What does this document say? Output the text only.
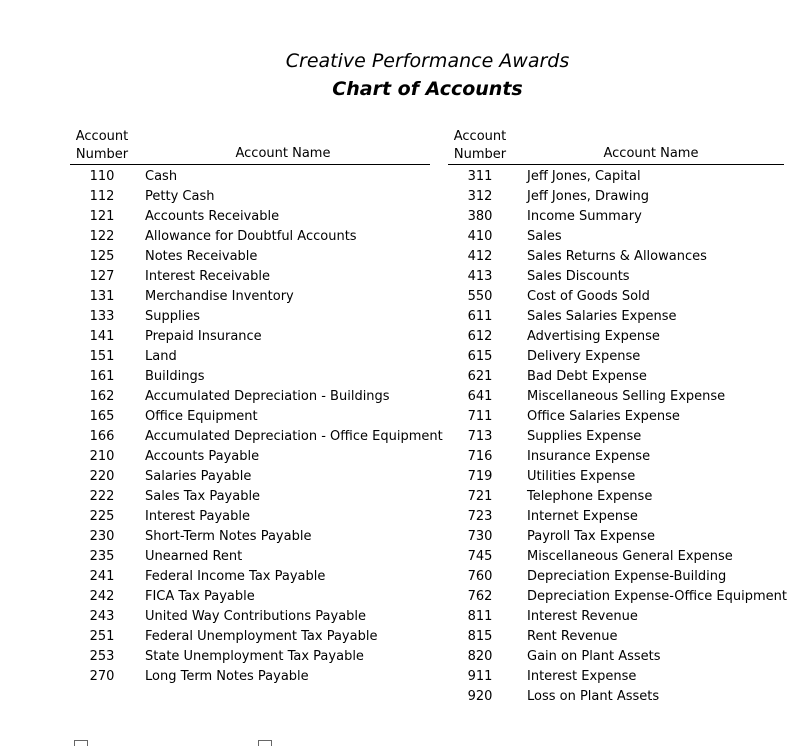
Creative Performance Awards
Chart of Accounts
Account
Number	Account Name
110	Cash
112	Petty Cash
121	Accounts Receivable
122	Allowance for Doubtful Accounts
125	Notes Receivable
127	Interest Receivable
131	Merchandise Inventory
133	Supplies
141	Prepaid Insurance
151	Land
161	Buildings
162	Accumulated Depreciation - Buildings
165	Office Equipment
166	Accumulated Depreciation - Office Equipment
210	Accounts Payable
220	Salaries Payable
222	Sales Tax Payable
225	Interest Payable
230	Short-Term Notes Payable
235	Unearned Rent
241	Federal Income Tax Payable
242	FICA Tax Payable
243	United Way Contributions Payable
251	Federal Unemployment Tax Payable
253	State Unemployment Tax Payable
270	Long Term Notes Payable
Account
Number	Account Name
311	Jeff Jones, Capital
312	Jeff Jones, Drawing
380	Income Summary
410	Sales
412	Sales Returns & Allowances
413	Sales Discounts
550	Cost of Goods Sold
611	Sales Salaries Expense
612	Advertising Expense
615	Delivery Expense
621	Bad Debt Expense
641	Miscellaneous Selling Expense
711	Office Salaries Expense
713	Supplies Expense
716	Insurance Expense
719	Utilities Expense
721	Telephone Expense
723	Internet Expense
730	Payroll Tax Expense
745	Miscellaneous General Expense
760	Depreciation Expense-Building
762	Depreciation Expense-Office Equipment
811	Interest Revenue
815	Rent Revenue
820	Gain on Plant Assets
911	Interest Expense
920	Loss on Plant Assets
